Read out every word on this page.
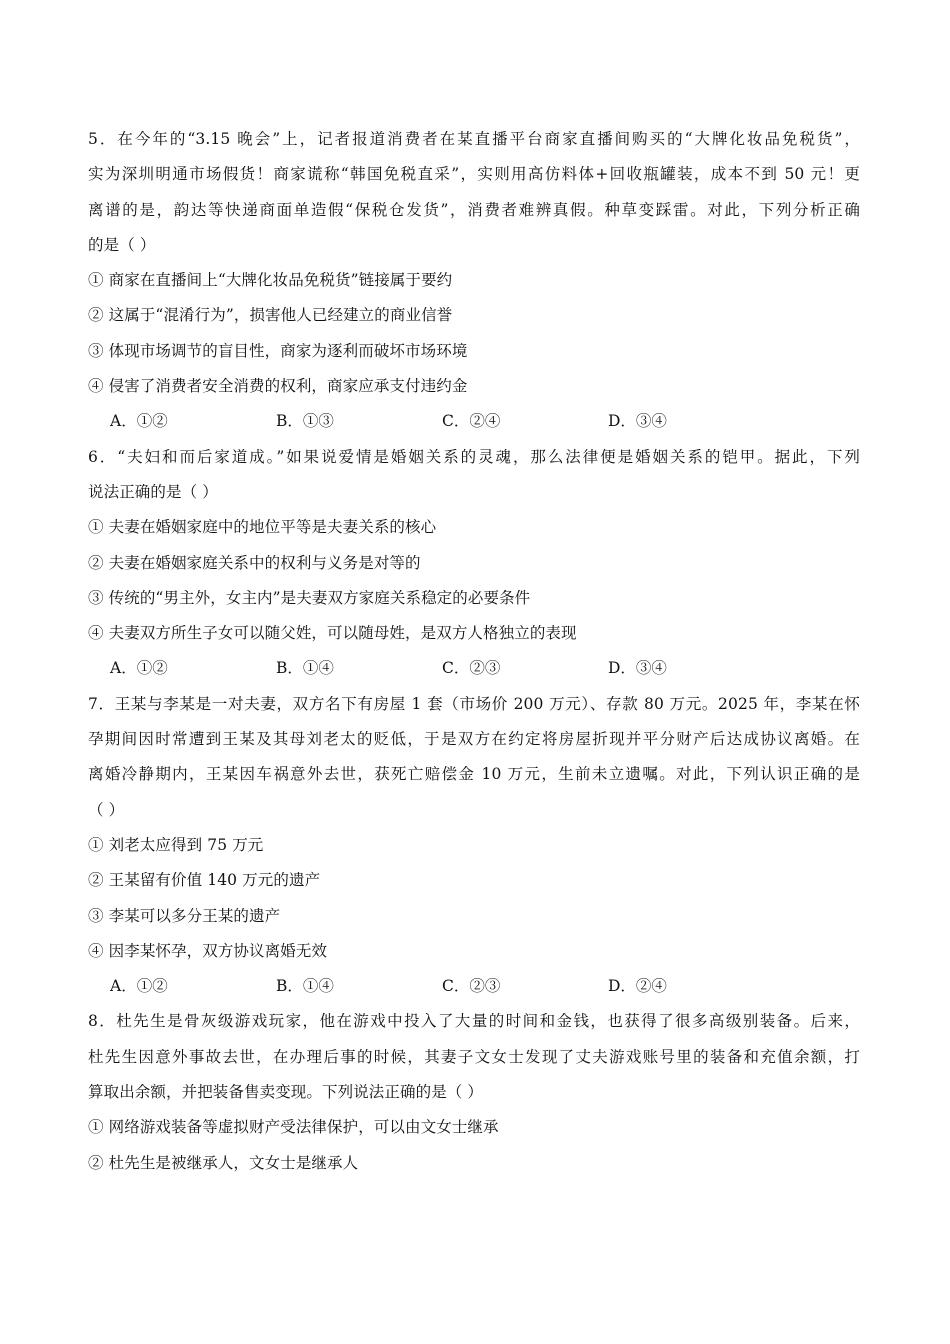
5．在今年的“3.15 晚会”上，记者报道消费者在某直播平台商家直播间购买的“大牌化妆品免税货”，
实为深圳明通市场假货！商家谎称“韩国免税直采”，实则用高仿料体+回收瓶罐装，成本不到 50 元！更
离谱的是，韵达等快递商面单造假“保税仓发货”，消费者难辨真假。种草变踩雷。对此，下列分析正确
的是（ ）
① 商家在直播间上“大牌化妆品免税货”链接属于要约
② 这属于“混淆行为”，损害他人已经建立的商业信誉
③ 体现市场调节的盲目性，商家为逐利而破坏市场环境
④ 侵害了消费者安全消费的权利，商家应承支付违约金
A．①②	B．①③	C．②④	D．③④
6．“夫妇和而后家道成。”如果说爱情是婚姻关系的灵魂，那么法律便是婚姻关系的铠甲。据此，下列
说法正确的是（ ）
① 夫妻在婚姻家庭中的地位平等是夫妻关系的核心
② 夫妻在婚姻家庭关系中的权利与义务是对等的
③ 传统的“男主外，女主内”是夫妻双方家庭关系稳定的必要条件
④ 夫妻双方所生子女可以随父姓，可以随母姓，是双方人格独立的表现
A．①②	B．①④	C．②③	D．③④
7．王某与李某是一对夫妻，双方名下有房屋 1 套（市场价 200 万元）、存款 80 万元。2025 年，李某在怀
孕期间因时常遭到王某及其母刘老太的贬低，于是双方在约定将房屋折现并平分财产后达成协议离婚。在
离婚冷静期内，王某因车祸意外去世，获死亡赔偿金 10 万元，生前未立遗嘱。对此，下列认识正确的是
（ ）
① 刘老太应得到 75 万元
② 王某留有价值 140 万元的遗产
③ 李某可以多分王某的遗产
④ 因李某怀孕，双方协议离婚无效
A．①②	B．①④	C．②③	D．②④
8．杜先生是骨灰级游戏玩家，他在游戏中投入了大量的时间和金钱，也获得了很多高级别装备。后来，
杜先生因意外事故去世，在办理后事的时候，其妻子文女士发现了丈夫游戏账号里的装备和充值余额，打
算取出余额，并把装备售卖变现。下列说法正确的是（ ）
① 网络游戏装备等虚拟财产受法律保护，可以由文女士继承
② 杜先生是被继承人，文女士是继承人
